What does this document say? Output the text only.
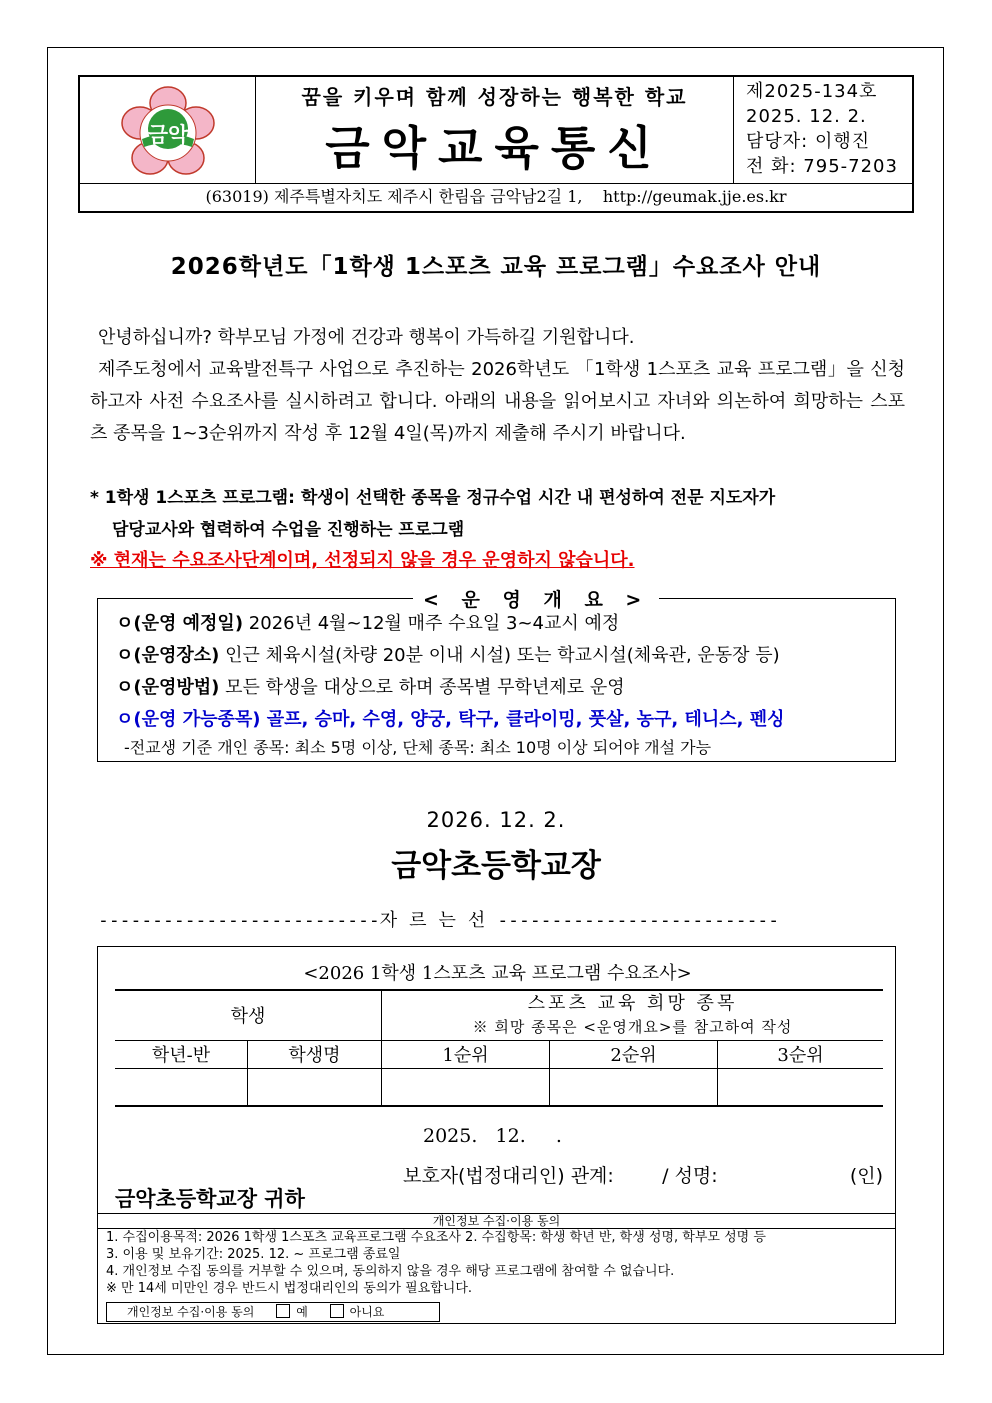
금악
꿈을 키우며 함께 성장하는 행복한 학교
금악교육통신
제2025-134호
2025. 12. 2.
담당자: 이행진
전 화: 795-7203
(63019) 제주특별자치도 제주시 한림읍 금악남2길 1,    http://geumak.jje.es.kr
2026학년도「1학생 1스포츠 교육 프로그램」수요조사 안내

안녕하십니까? 학부모님 가정에 건강과 행복이 가득하길 기원합니다.

제주도청에서 교육발전특구 사업으로 추진하는 2026학년도 「1학생 1스포츠 교육 프로그램」을 신청하고자 사전 수요조사를 실시하려고 합니다. 아래의 내용을 읽어보시고 자녀와 의논하여 희망하는 스포츠 종목을 1~3순위까지 작성 후 12월 4일(목)까지 제출해 주시기 바랍니다.

* 1학생 1스포츠 프로그램: 학생이 선택한 종목을 정규수업 시간 내 편성하여 전문 지도자가
담당교사와 협력하여 수업을 진행하는 프로그램
※ 현재는 수요조사단계이며, 선정되지 않을 경우 운영하지 않습니다.
< 운 영 개 요 >
ㅇ(운영 예정일) 2026년 4월~12월 매주 수요일 3~4교시 예정
ㅇ(운영장소) 인근 체육시설(차량 20분 이내 시설) 또는 학교시설(체육관, 운동장 등)
ㅇ(운영방법) 모든 학생을 대상으로 하며 종목별 무학년제로 운영
ㅇ(운영 가능종목) 골프, 승마, 수영, 양궁, 탁구, 클라이밍, 풋살, 농구, 테니스, 펜싱
-전교생 기준 개인 종목: 최소 5명 이상, 단체 종목: 최소 10명 이상 되어야 개설 가능
2026. 12. 2.
금악초등학교장
--------------------------자르는선--------------------------
<2026 1학생 1스포츠 교육 프로그램 수요조사>
학생		스포츠 교육 희망 종목
※ 희망 종목은 <운영개요>를 참고하여 작성		

학년-반	학생명	1순위	2순위	3순위

2025.   12.     .
보호자(법정대리인) 관계:        / 성명:	(인)
금악초등학교장 귀하
개인정보 수집·이용 동의
1. 수집이용목적: 2026 1학생 1스포츠 교육프로그램 수요조사 2. 수집항목: 학생 학년 반, 학생 성명, 학부모 성명 등
3. 이용 및 보유기간: 2025. 12. ~ 프로그램 종료일
4. 개인정보 수집 동의를 거부할 수 있으며, 동의하지 않을 경우 해당 프로그램에 참여할 수 없습니다.
※ 만 14세 미만인 경우 반드시 법정대리인의 동의가 필요합니다.
개인정보 수집·이용 동의	예	아니요
